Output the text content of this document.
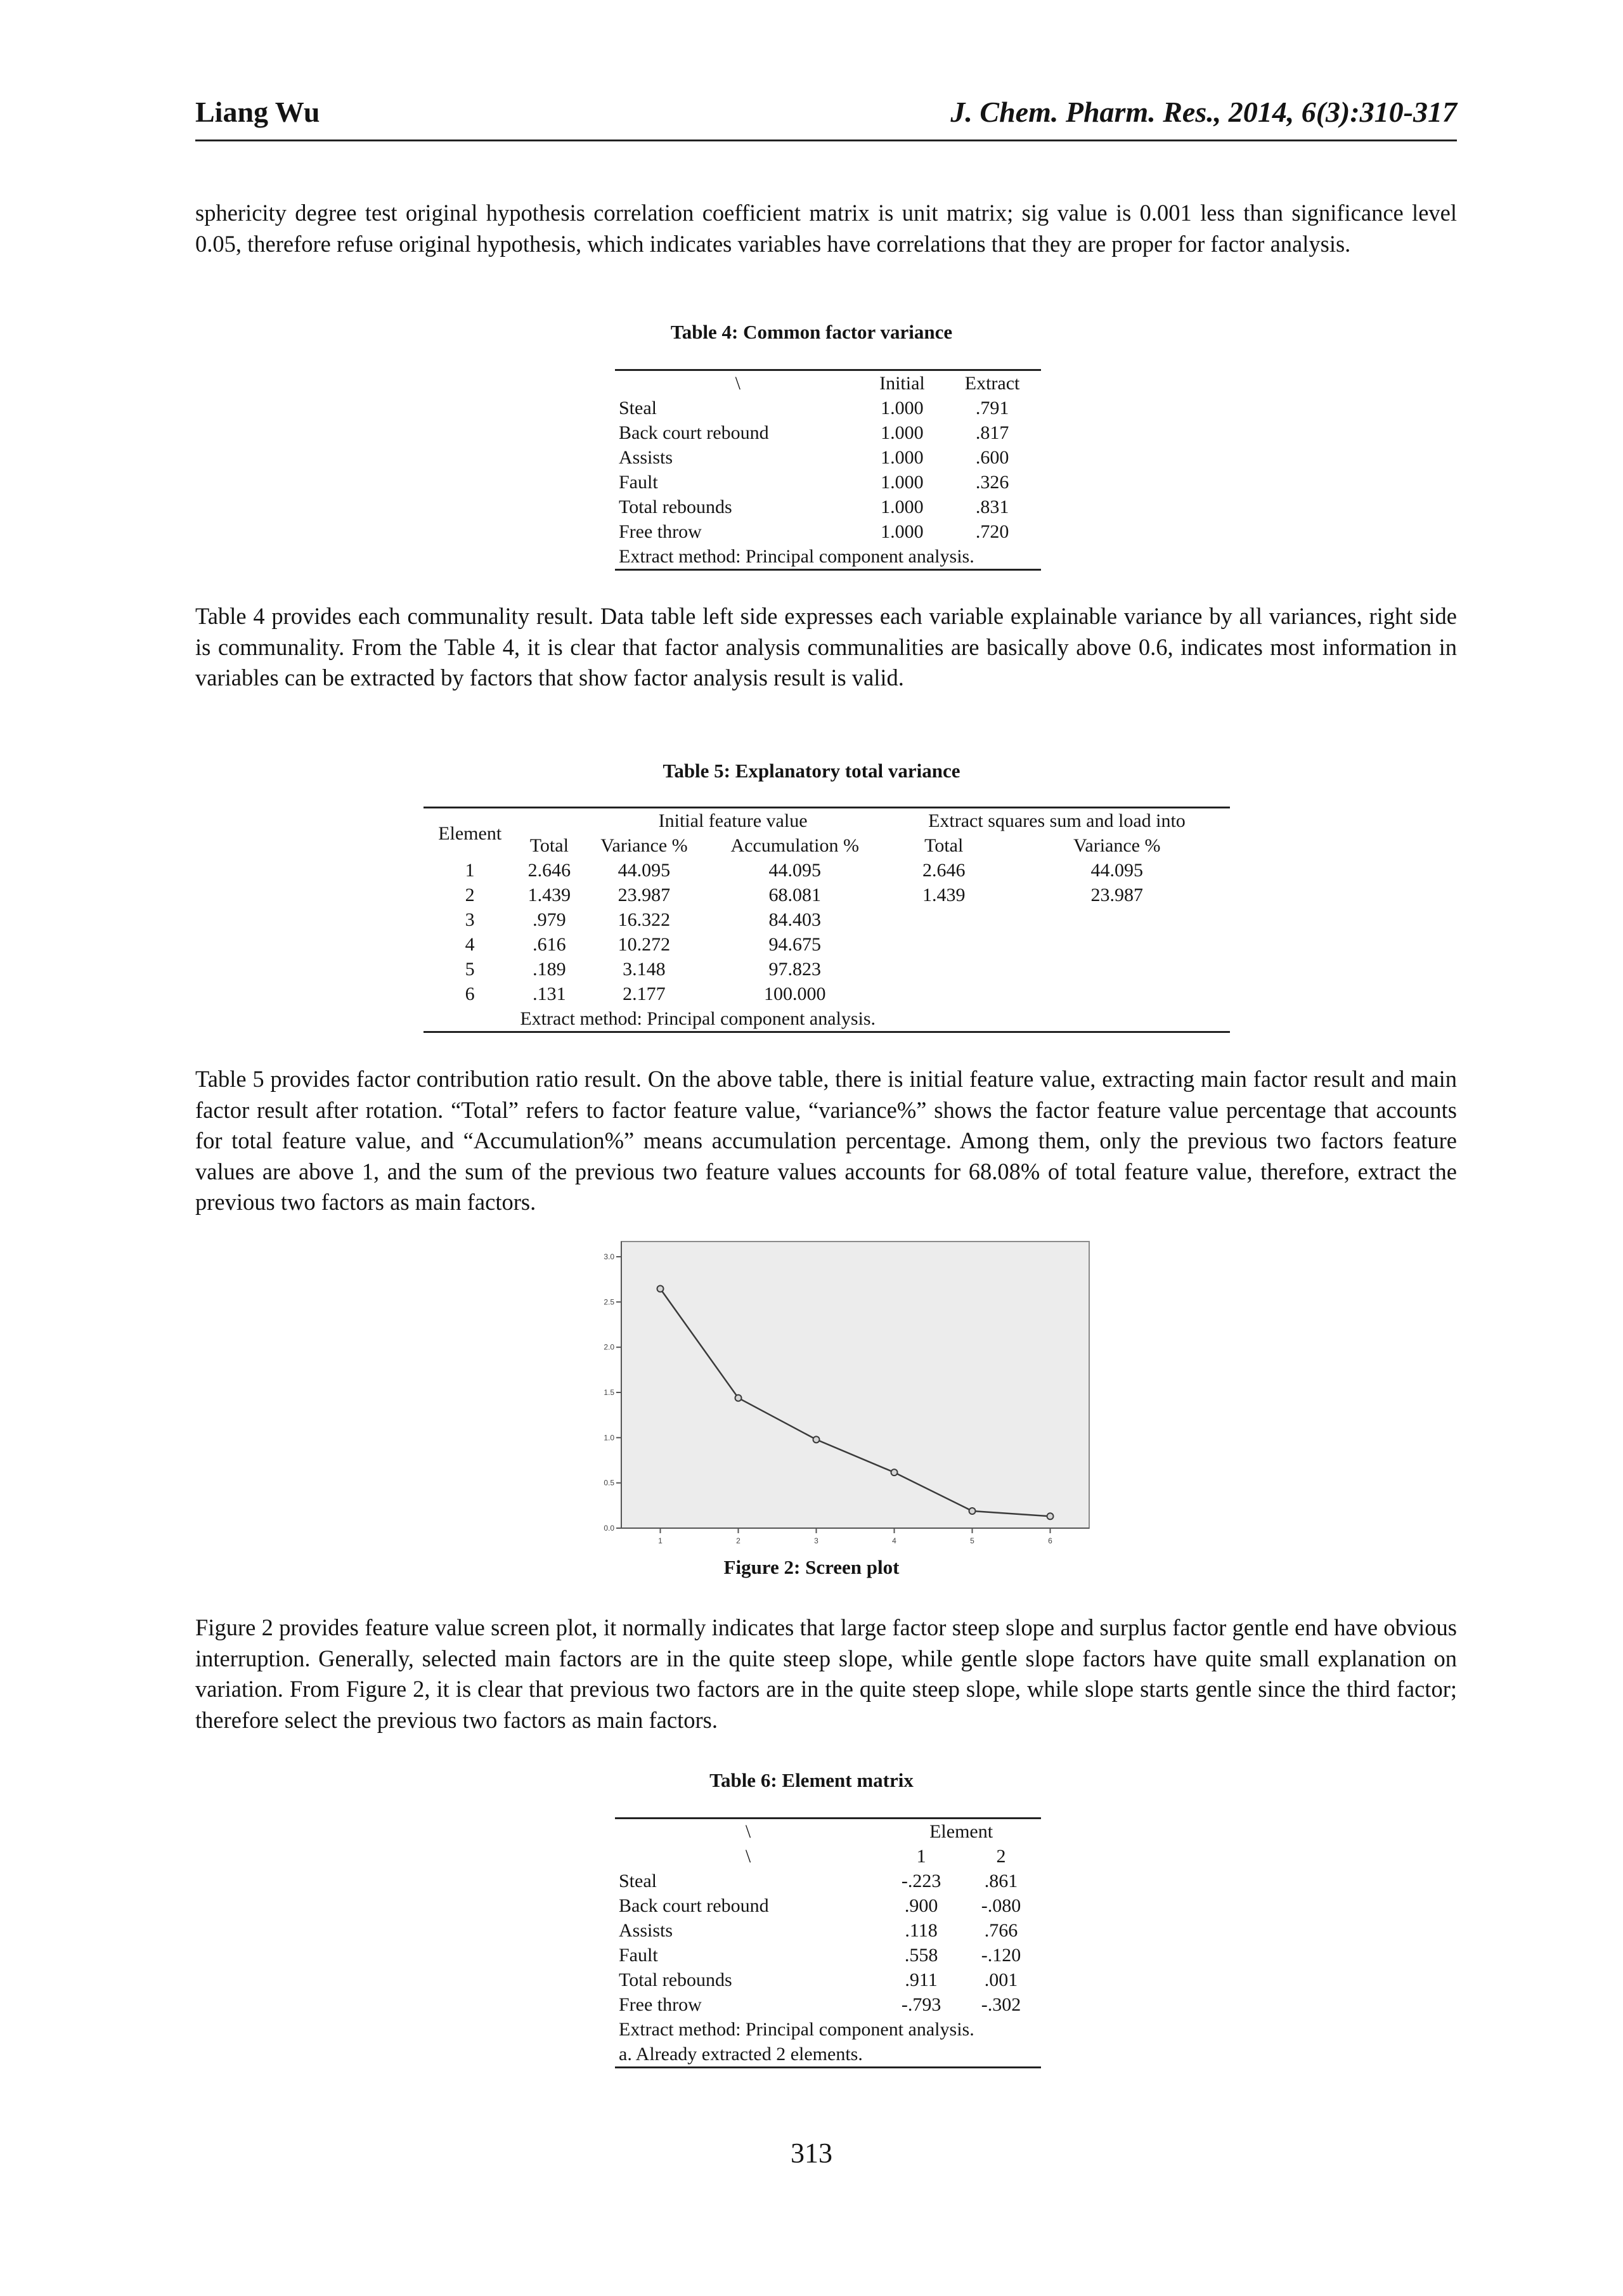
Liang Wu	J. Chem. Pharm. Res., 2014, 6(3):310-317
sphericity degree test original hypothesis correlation coefficient matrix is unit matrix; sig value is 0.001 less than significance level 0.05, therefore refuse original hypothesis, which indicates variables have correlations that they are proper for factor analysis.
Table 4: Common factor variance
\	Initial	Extract
Steal	1.000	.791
Back court rebound	1.000	.817
Assists	1.000	.600
Fault	1.000	.326
Total rebounds	1.000	.831
Free throw	1.000	.720
Extract method: Principal component analysis.		
Table 4 provides each communality result. Data table left side expresses each variable explainable variance by all variances, right side is communality. From the Table 4, it is clear that factor analysis communalities are basically above 0.6, indicates most information in variables can be extracted by factors that show factor analysis result is valid.
Table 5: Explanatory total variance
Element		Initial feature value		Extract squares sum and load into	
	Total	Variance %	Accumulation %	Total	Variance %
1	2.646	44.095	44.095	2.646	44.095
2	1.439	23.987	68.081	1.439	23.987
3	.979	16.322	84.403		
4	.616	10.272	94.675		
5	.189	3.148	97.823		
6	.131	2.177	100.000		
	Extract method: Principal component analysis.				
Table 5 provides factor contribution ratio result. On the above table, there is initial feature value, extracting main factor result and main factor result after rotation. “Total” refers to factor feature value, “variance%” shows the factor feature value percentage that accounts for total feature value, and “Accumulation%” means accumulation percentage. Among them, only the previous two factors feature values are above 1, and the sum of the previous two feature values accounts for 68.08% of total feature value, therefore, extract the previous two factors as main factors.
0.0
0.5
1.0
1.5
2.0
2.5
3.0
1	2	3	4	5	6
Figure 2: Screen plot
Figure 2 provides feature value screen plot, it normally indicates that large factor steep slope and surplus factor gentle end have obvious interruption. Generally, selected main factors are in the quite steep slope, while gentle slope factors have quite small explanation on variation. From Figure 2, it is clear that previous two factors are in the quite steep slope, while slope starts gentle since the third factor; therefore select the previous two factors as main factors.
Table 6: Element matrix
\	Element	
\	1	2
Steal	-.223	.861
Back court rebound	.900	-.080
Assists	.118	.766
Fault	.558	-.120
Total rebounds	.911	.001
Free throw	-.793	-.302
Extract method: Principal component analysis.		
a. Already extracted 2 elements.		
313
